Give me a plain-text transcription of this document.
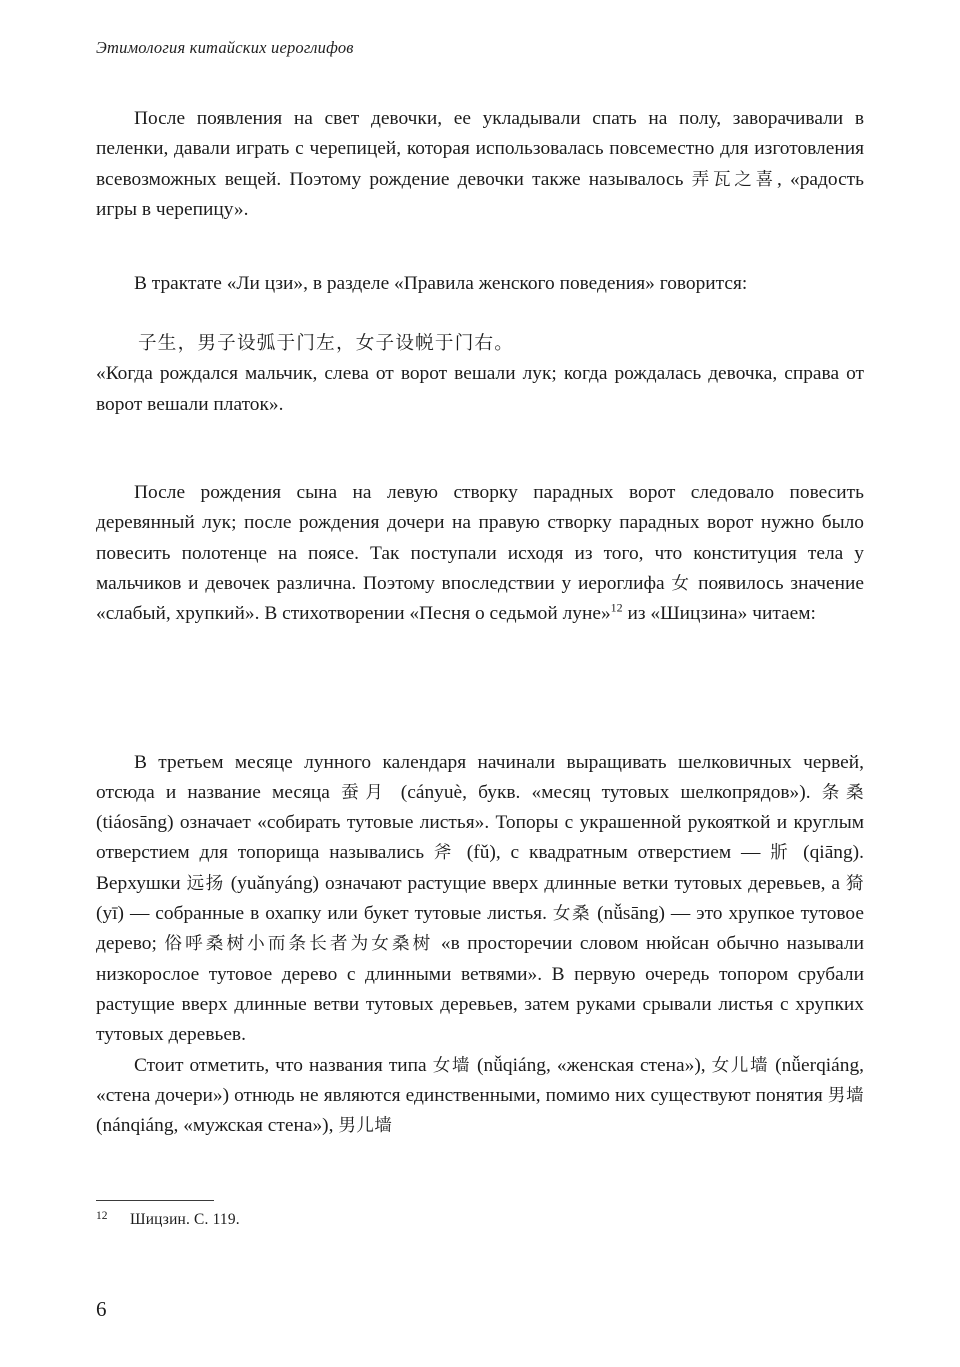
Этимология китайских иероглифов

После появления на свет девочки, ее укладывали спать на полу, заворачивали в пеленки, давали играть с черепицей, которая использовалась повсеместно для изготовления всевозможных вещей. Поэтому рождение девочки также называлось 弄瓦之喜, «радость игры в черепицу».

В трактате «Ли цзи», в разделе «Правила женского поведения» говорится:

子生，男子设弧于门左，女子设帨于门右。

«Когда рождался мальчик, слева от ворот вешали лук; когда рождалась девочка, справа от ворот вешали платок».

После рождения сына на левую створку парадных ворот следовало повесить деревянный лук; после рождения дочери на правую створку парадных ворот нужно было повесить полотенце на поясе. Так поступали исходя из того, что конституция тела у мальчиков и девочек различна. Поэтому впоследствии у иероглифа 女 появилось значение «слабый, хрупкий». В стихотворении «Песня о седьмой луне»$^{12}$ из «Шицзина» читаем:

В третьем месяце лунного календаря начинали выращивать шелковичных червей, отсюда и название месяца 蚕月 (cányuè, букв. «месяц тутовых шелкопрядов»). 条桑 (tiáosāng) означает «собирать тутовые листья». Топоры с украшенной рукояткой и круглым отверстием для топорища назывались 斧 (fǔ), с квадратным отверстием — 斨 (qiāng). Верхушки 远扬 (yuǎnyáng) означают растущие вверх длинные ветки тутовых деревьев, а 猗 (yī) — собранные в охапку или букет тутовые листья. 女桑 (nǚsāng) — это хрупкое тутовое дерево; 俗呼桑树小而条长者为女桑树 «в просторечии словом нюйсан обычно называли низкорослое тутовое дерево с длинными ветвями». В первую очередь топором срубали растущие вверх длинные ветви тутовых деревьев, затем руками срывали листья с хрупких тутовых деревьев.

Стоит отметить, что названия типа 女墙 (nǚqiáng, «женская стена»), 女儿墙 (nǚerqiáng, «стена дочери») отнюдь не являются единственными, помимо них существуют понятия 男墙 (nánqiáng, «мужская стена»), 男儿墙

12	Шицзин. С. 119.
6
